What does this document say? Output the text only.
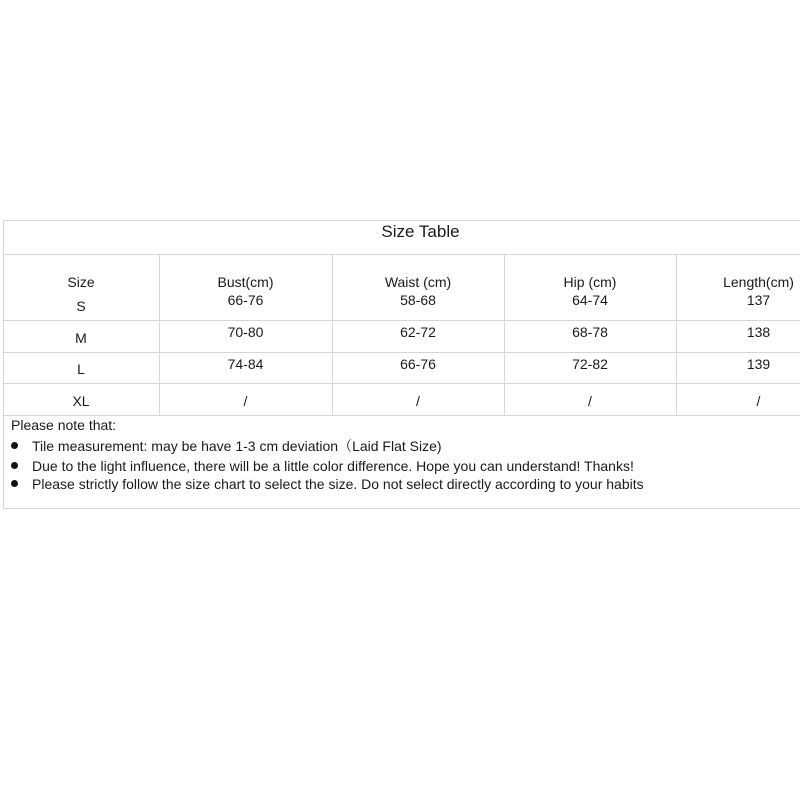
Size Table
Size	Bust(cm)	Waist (cm)	Hip (cm)	Length(cm)
S	66-76	58-68	64-74	137
M	70-80	62-72	68-78	138
L	74-84	66-76	72-82	139
XL	/	/	/	/
Please note that:
Tile measurement: may be have 1-3 cm deviation（Laid Flat Size)
Due to the light influence, there will be a little color difference. Hope you can understand! Thanks!
Please strictly follow the size chart to select the size. Do not select directly according to your habits
